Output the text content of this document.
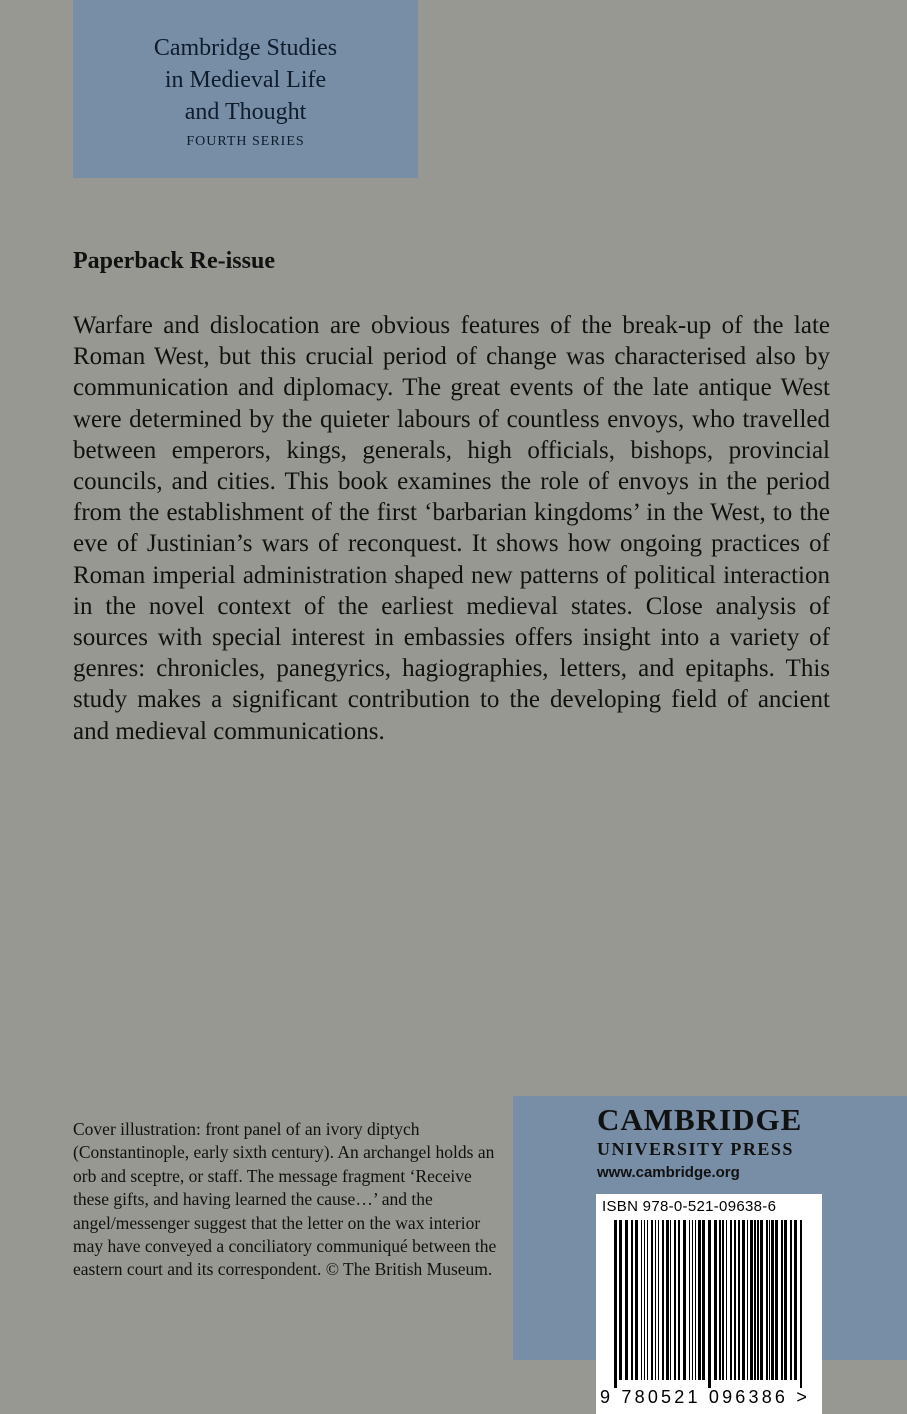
Cambridge Studies
in Medieval Life
and Thought
FOURTH SERIES
Paperback Re-issue
Warfare and dislocation are obvious features of the break-up of the late Roman West, but this crucial period of change was characterised also by communication and diplomacy. The great events of the late antique West were determined by the quieter labours of countless envoys, who travelled between emperors, kings, generals, high officials, bishops, provincial councils, and cities. This book examines the role of envoys in the period from the establishment of the first ‘barbarian kingdoms’ in the West, to the eve of Justinian’s wars of reconquest. It shows how ongoing practices of Roman imperial administration shaped new patterns of political interaction in the novel context of the earliest medieval states. Close analysis of sources with special interest in embassies offers insight into a variety of genres: chronicles, panegyrics, hagiographies, letters, and epitaphs. This study makes a significant contribution to the developing field of ancient and medieval communications.
Cover illustration: front panel of an ivory diptych (Constantinople, early sixth century). An archangel holds an orb and sceptre, or staff. The message fragment ‘Receive these gifts, and having learned the cause…’ and the angel/messenger suggest that the letter on the wax interior may have conveyed a conciliatory communiqué between the eastern court and its correspondent. © The British Museum.
CAMBRIDGE
UNIVERSITY PRESS
www.cambridge.org
ISBN 978-0-521-09638-6
9 780521 096386 >
